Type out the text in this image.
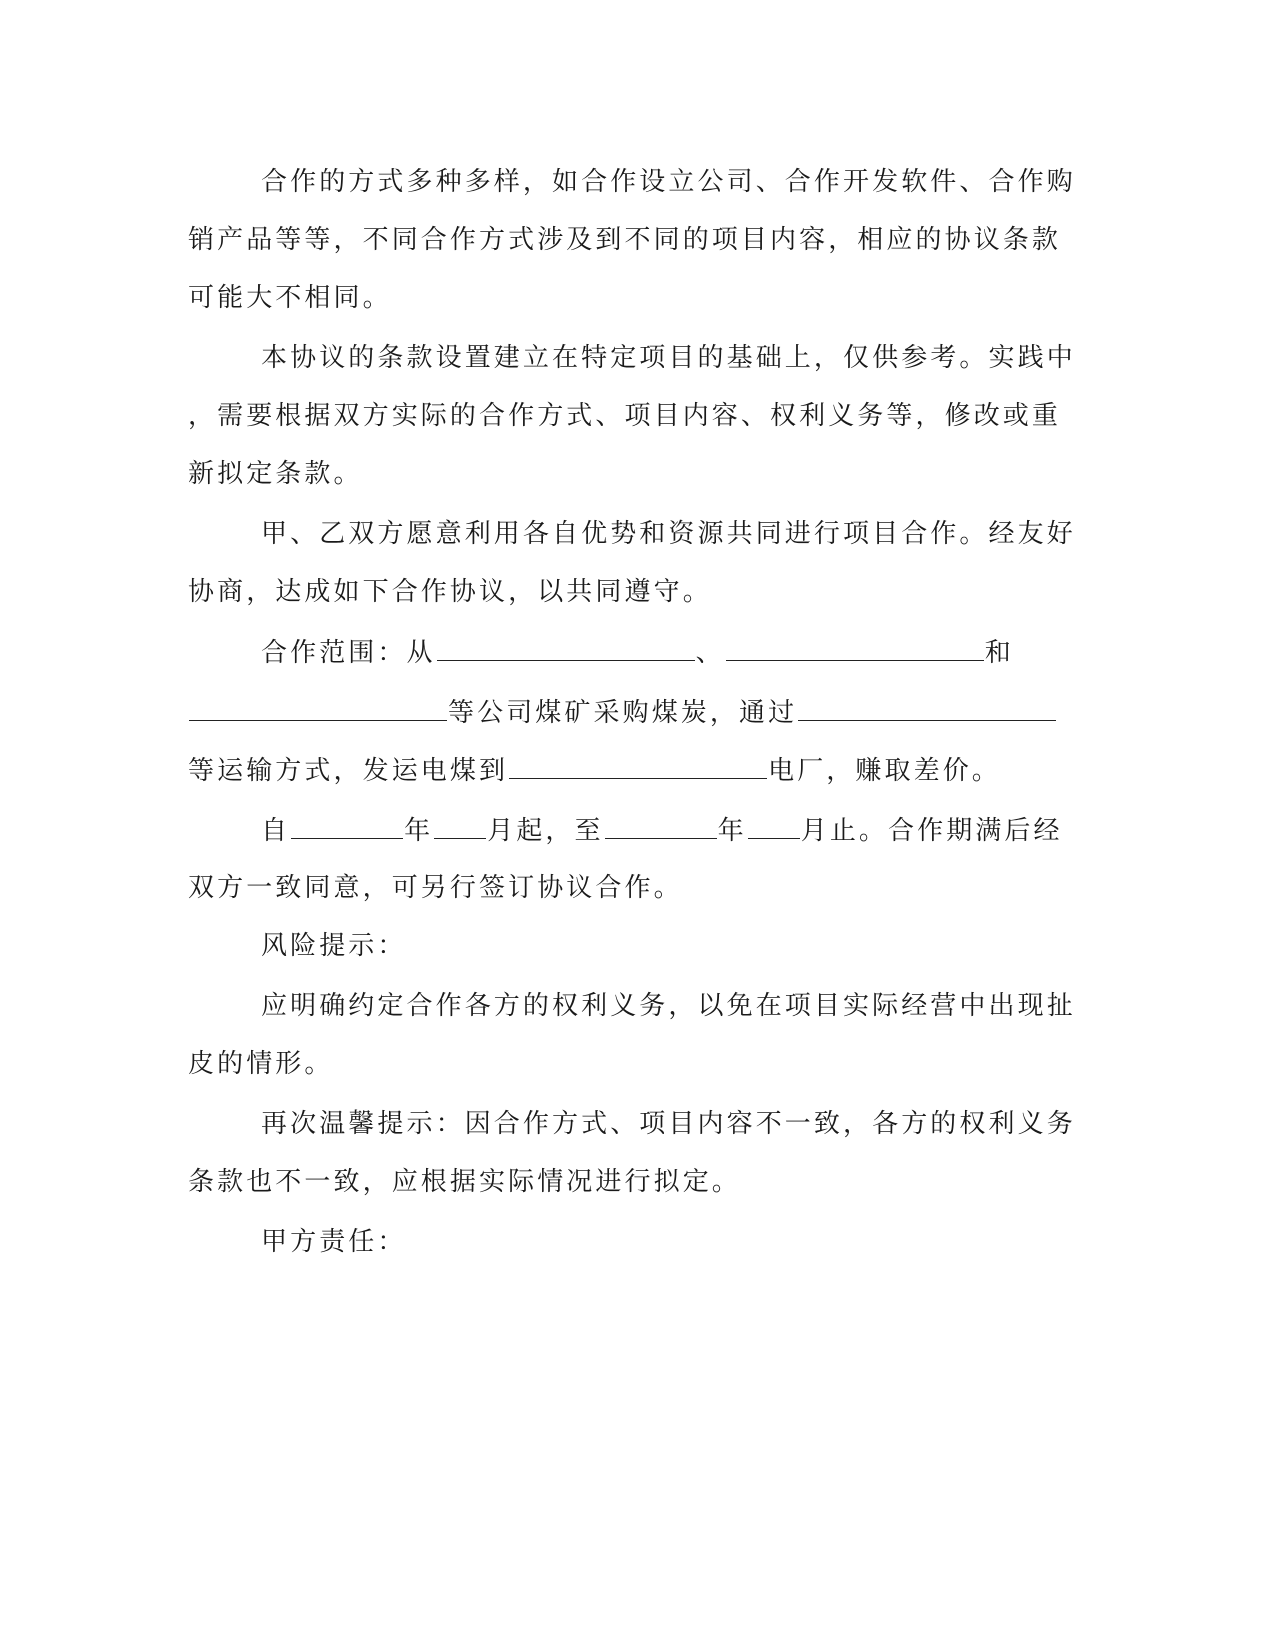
合作的方式多种多样，如合作设立公司、合作开发软件、合作购
销产品等等，不同合作方式涉及到不同的项目内容，相应的协议条款
可能大不相同。
本协议的条款设置建立在特定项目的基础上，仅供参考。实践中
，需要根据双方实际的合作方式、项目内容、权利义务等，修改或重
新拟定条款。
甲、乙双方愿意利用各自优势和资源共同进行项目合作。经友好
协商，达成如下合作协议，以共同遵守。
合作范围：从	、	和
等公司煤矿采购煤炭，通过
等运输方式，发运电煤到	电厂，赚取差价。
自	年 月起，至	年 月止。合作期满后经
双方一致同意，可另行签订协议合作。
风险提示：
应明确约定合作各方的权利义务，以免在项目实际经营中出现扯
皮的情形。
再次温馨提示：因合作方式、项目内容不一致，各方的权利义务
条款也不一致，应根据实际情况进行拟定。
甲方责任：
